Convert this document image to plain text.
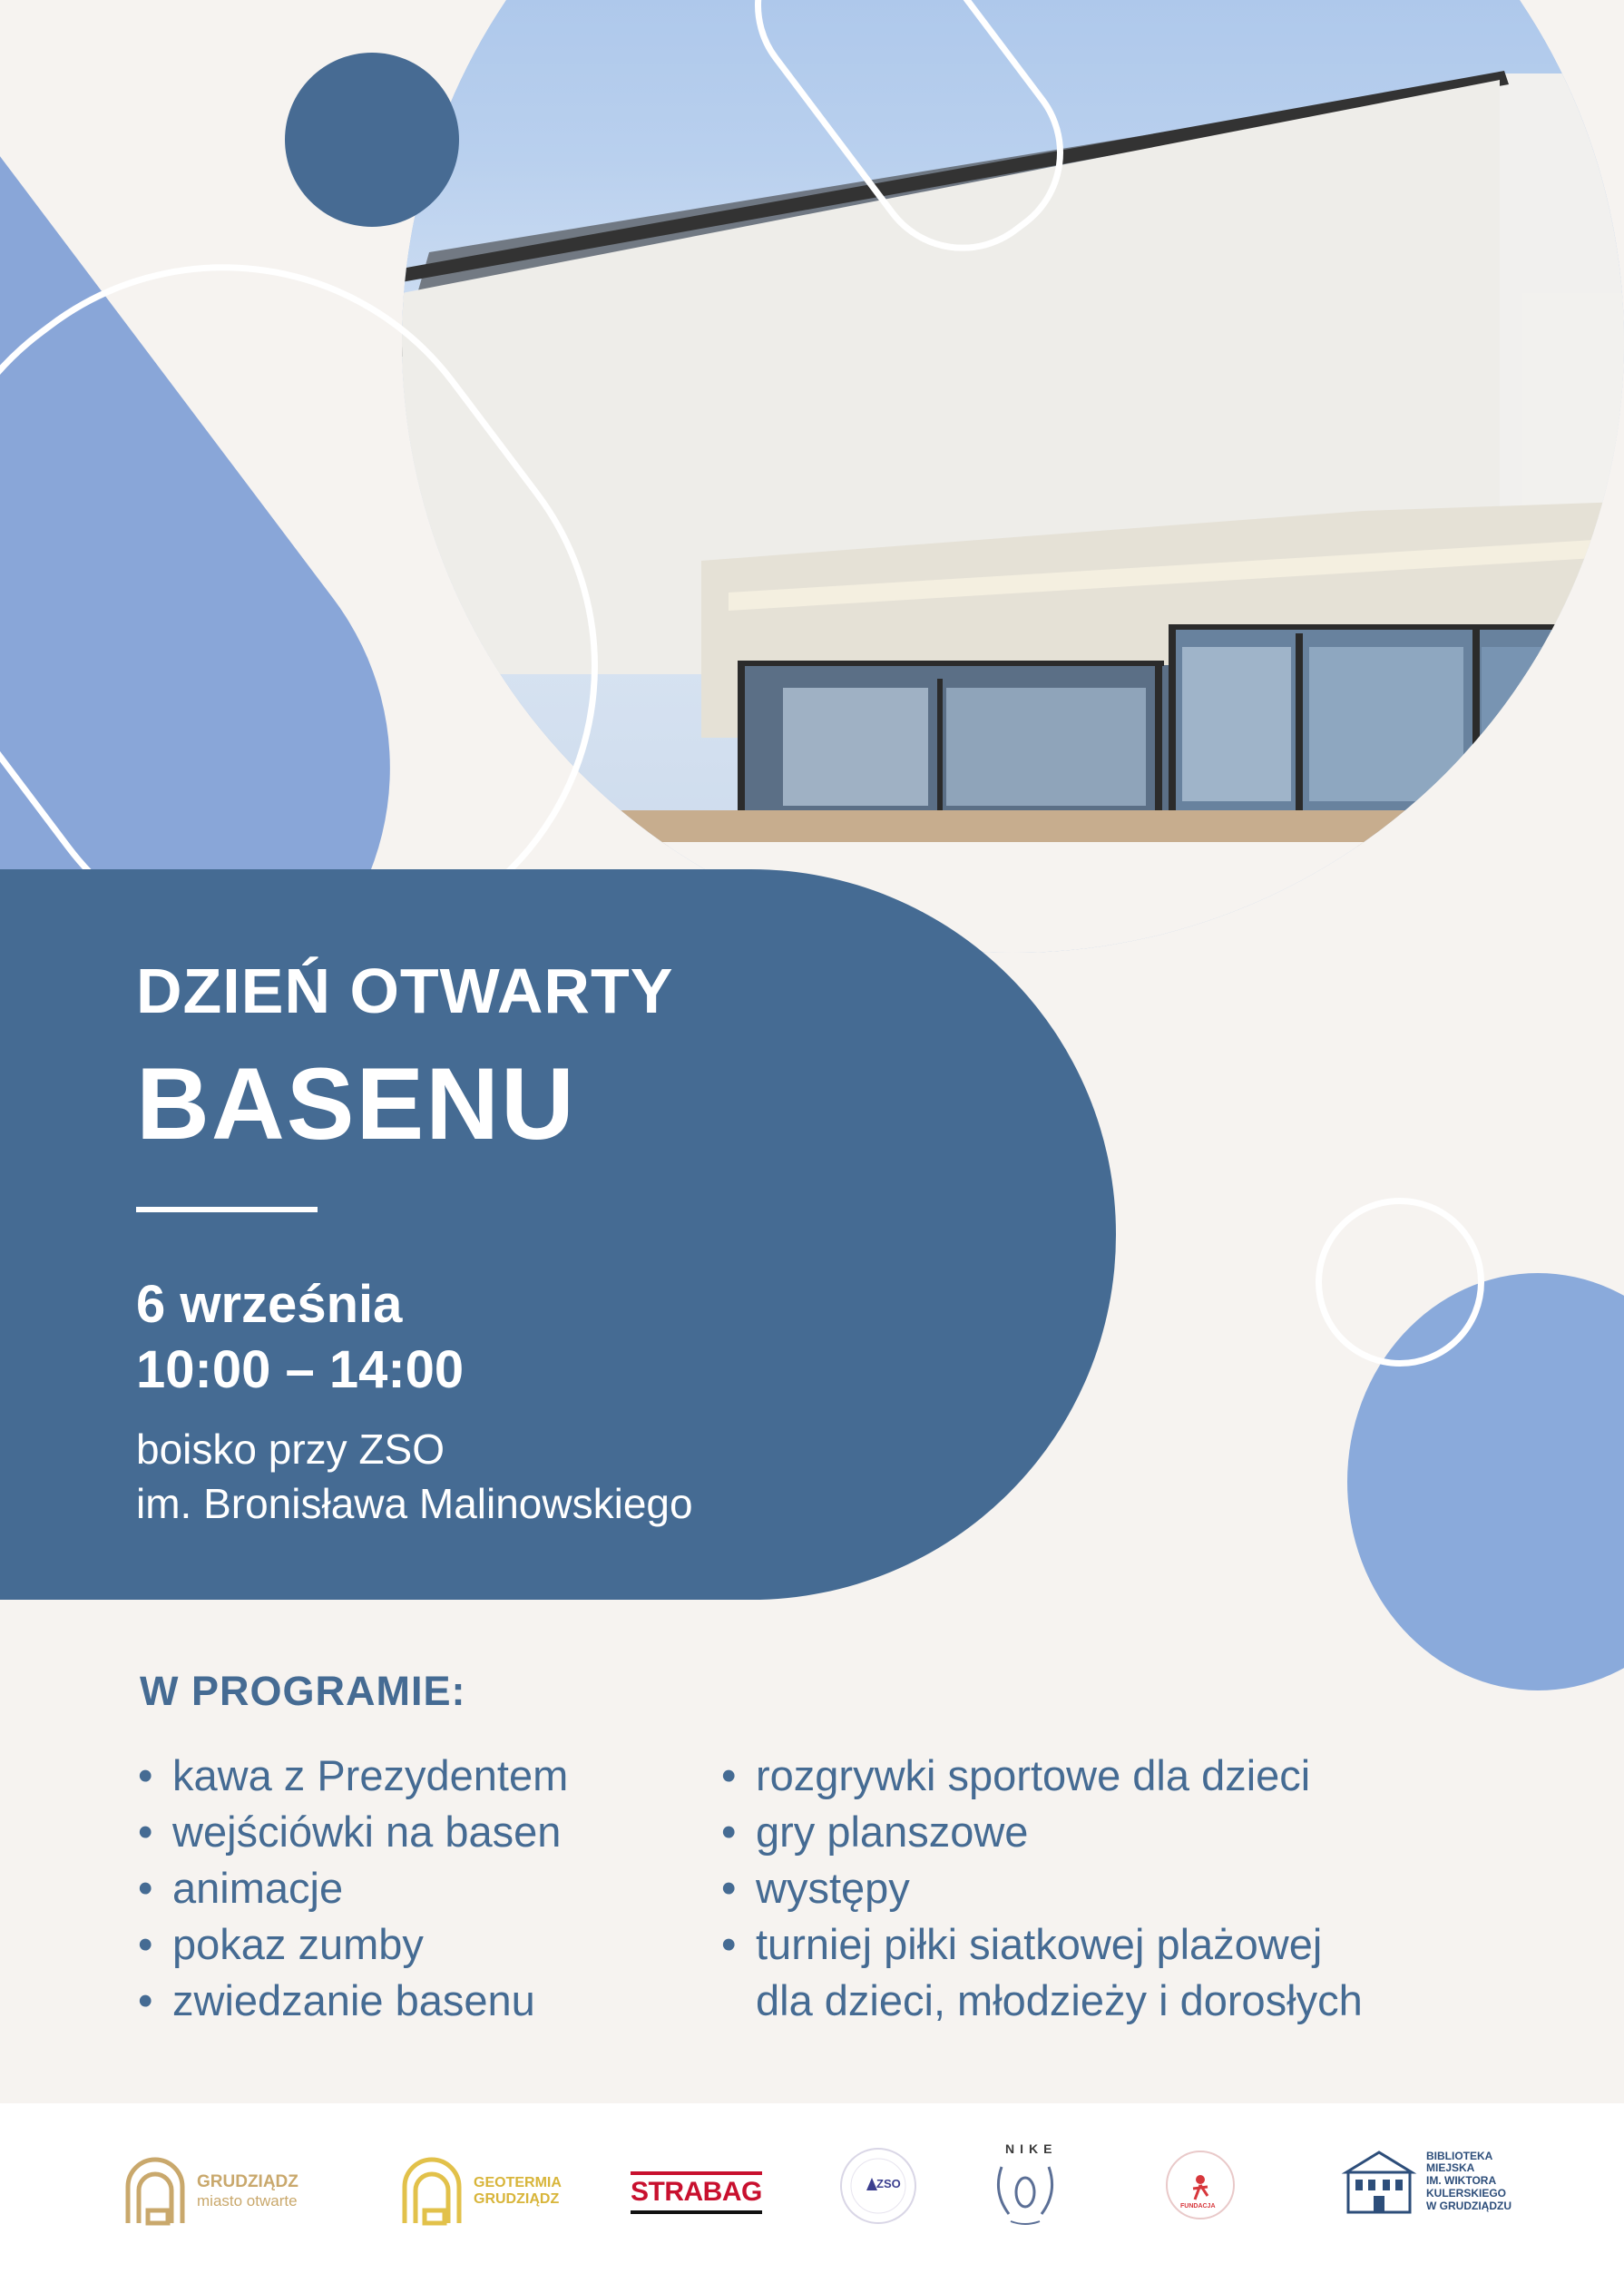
DZIEŃ OTWARTY
BASENU
6 września
10:00 – 14:00
boisko przy ZSO
im. Bronisława Malinowskiego
W PROGRAMIE:
• kawa z Prezydentem
• wejściówki na basen
• animacje
• pokaz zumby
• zwiedzanie basenu
• rozgrywki sportowe dla dzieci
• gry planszowe
• występy
• turniej piłki siatkowej plażowej
dla dzieci, młodzieży i dorosłych
GRUDZIĄDZ
miasto otwarte
GEOTERMIA
GRUDZIĄDZ	STRABAG	ZSO
NIKE
FUNDACJA
BIBLIOTEKA
MIEJSKA
IM. WIKTORA
KULERSKIEGO
W GRUDZIĄDZU
